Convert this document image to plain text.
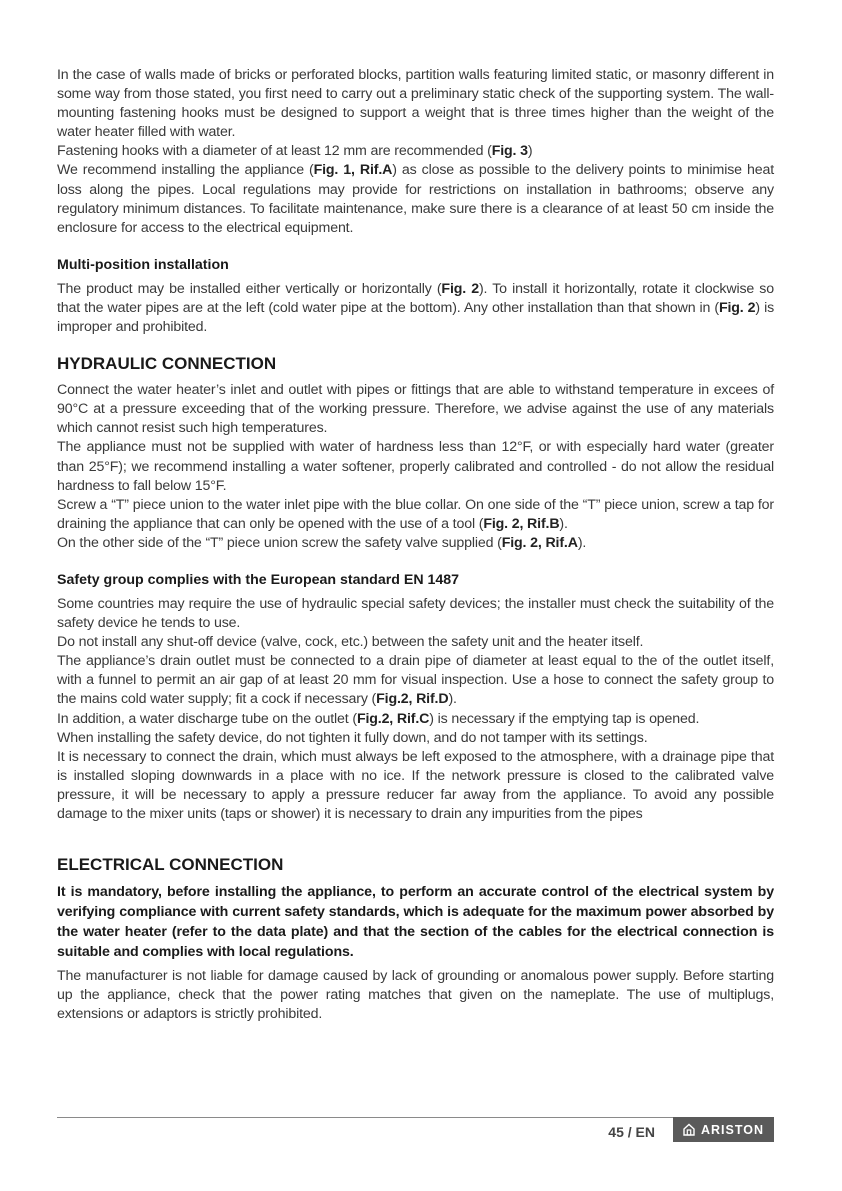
In the case of walls made of bricks or perforated blocks, partition walls featuring limited static, or masonry different in some way from those stated, you first need to carry out a preliminary static check of the supporting system. The wall-mounting fastening hooks must be designed to support a weight that is three times higher than the weight of the water heater filled with water.
Fastening hooks with a diameter of at least 12 mm are recommended (Fig. 3)
We recommend installing the appliance (Fig. 1, Rif.A) as close as possible to the delivery points to minimise heat loss along the pipes. Local regulations may provide for restrictions on installation in bathrooms; observe any regulatory minimum distances. To facilitate maintenance, make sure there is a clearance of at least 50 cm inside the enclosure for access to the electrical equipment.

Multi-position installation

The product may be installed either vertically or horizontally (Fig. 2). To install it horizontally, rotate it clockwise so that the water pipes are at the left (cold water pipe at the bottom). Any other installation than that shown in (Fig. 2) is improper and prohibited.

HYDRAULIC CONNECTION

Connect the water heater’s inlet and outlet with pipes or fittings that are able to withstand temperature in excees of 90°C at a pressure exceeding that of the working pressure. Therefore, we advise against the use of any materials which cannot resist such high temperatures.
The appliance must not be supplied with water of hardness less than 12°F, or with especially hard water (greater than 25°F); we recommend installing a water softener, properly calibrated and controlled - do not allow the residual hardness to fall below 15°F.
Screw a “T” piece union to the water inlet pipe with the blue collar. On one side of the “T” piece union, screw a tap for draining the appliance that can only be opened with the use of a tool (Fig. 2, Rif.B).
On the other side of the “T” piece union screw the safety valve supplied (Fig. 2, Rif.A).

Safety group complies with the European standard EN 1487

Some countries may require the use of hydraulic special safety devices; the installer must check the suitability of the safety device he tends to use.
Do not install any shut-off device (valve, cock, etc.) between the safety unit and the heater itself.
The appliance’s drain outlet must be connected to a drain pipe of diameter at least equal to the of the outlet itself, with a funnel to permit an air gap of at least 20 mm for visual inspection. Use a hose to connect the safety group to the mains cold water supply; fit a cock if necessary (Fig.2, Rif.D).
In addition, a water discharge tube on the outlet (Fig.2, Rif.C) is necessary if the emptying tap is opened.
When installing the safety device, do not tighten it fully down, and do not tamper with its settings.
It is necessary to connect the drain, which must always be left exposed to the atmosphere, with a drainage pipe that is installed sloping downwards in a place with no ice. If the network pressure is closed to the calibrated valve pressure, it will be necessary to apply a pressure reducer far away from the appliance. To avoid any possible damage to the mixer units (taps or shower) it is necessary to drain any impurities from the pipes

ELECTRICAL CONNECTION

It is mandatory, before installing the appliance, to perform an accurate control of the electrical system by verifying compliance with current safety standards, which is adequate for the maximum power absorbed by the water heater (refer to the data plate) and that the section of the cables for the electrical connection is suitable and complies with local regulations.

The manufacturer is not liable for damage caused by lack of grounding or anomalous power supply. Before starting up the appliance, check that the power rating matches that given on the nameplate. The use of multiplugs, extensions or adaptors is strictly prohibited.

45 / EN	ARISTON
